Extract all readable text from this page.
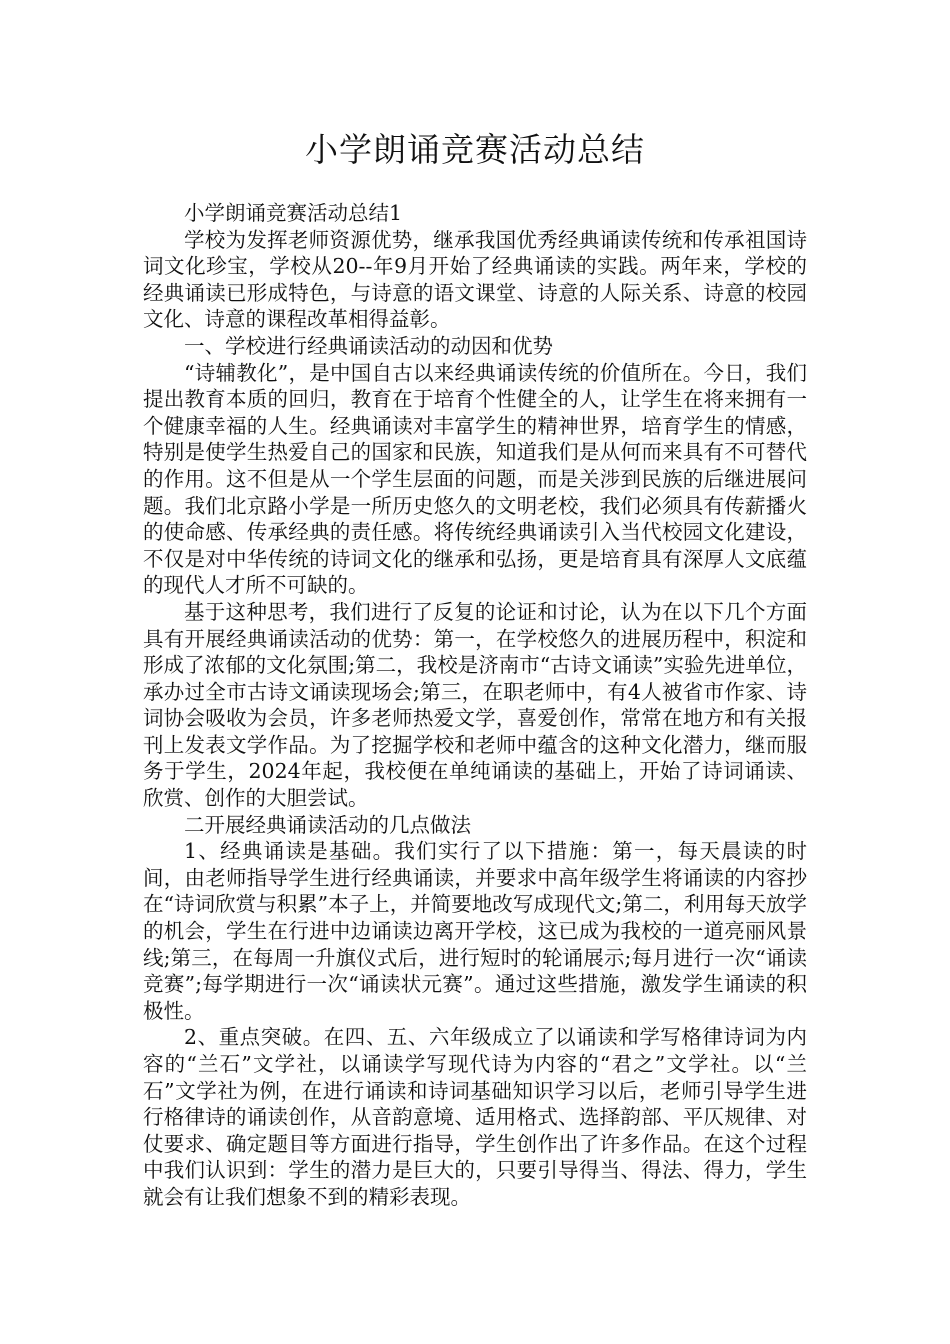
小学朗诵竞赛活动总结

小学朗诵竞赛活动总结1

学校为发挥老师资源优势，继承我国优秀经典诵读传统和传承祖国诗词文化珍宝，学校从20--年9月开始了经典诵读的实践。两年来，学校的经典诵读已形成特色，与诗意的语文课堂、诗意的人际关系、诗意的校园文化、诗意的课程改革相得益彰。

一、学校进行经典诵读活动的动因和优势

“诗辅教化”，是中国自古以来经典诵读传统的价值所在。今日，我们提出教育本质的回归，教育在于培育个性健全的人，让学生在将来拥有一个健康幸福的人生。经典诵读对丰富学生的精神世界，培育学生的情感，特别是使学生热爱自己的国家和民族，知道我们是从何而来具有不可替代的作用。这不但是从一个学生层面的问题，而是关涉到民族的后继进展问题。我们北京路小学是一所历史悠久的文明老校，我们必须具有传薪播火的使命感、传承经典的责任感。将传统经典诵读引入当代校园文化建设，不仅是对中华传统的诗词文化的继承和弘扬，更是培育具有深厚人文底蕴的现代人才所不可缺的。

基于这种思考，我们进行了反复的论证和讨论，认为在以下几个方面具有开展经典诵读活动的优势：第一，在学校悠久的进展历程中，积淀和形成了浓郁的文化氛围;第二，我校是济南市“古诗文诵读”实验先进单位，承办过全市古诗文诵读现场会;第三，在职老师中，有4人被省市作家、诗词协会吸收为会员，许多老师热爱文学，喜爱创作，常常在地方和有关报刊上发表文学作品。为了挖掘学校和老师中蕴含的这种文化潜力，继而服务于学生，2024年起，我校便在单纯诵读的基础上，开始了诗词诵读、欣赏、创作的大胆尝试。

二开展经典诵读活动的几点做法

1、经典诵读是基础。我们实行了以下措施：第一，每天晨读的时间，由老师指导学生进行经典诵读，并要求中高年级学生将诵读的内容抄在“诗词欣赏与积累”本子上，并简要地改写成现代文;第二，利用每天放学的机会，学生在行进中边诵读边离开学校，这已成为我校的一道亮丽风景线;第三，在每周一升旗仪式后，进行短时的轮诵展示;每月进行一次“诵读竞赛”;每学期进行一次“诵读状元赛”。通过这些措施，激发学生诵读的积极性。

2、重点突破。在四、五、六年级成立了以诵读和学写格律诗词为内容的“兰石”文学社，以诵读学写现代诗为内容的“君之”文学社。以“兰石”文学社为例，在进行诵读和诗词基础知识学习以后，老师引导学生进行格律诗的诵读创作，从音韵意境、适用格式、选择韵部、平仄规律、对仗要求、确定题目等方面进行指导，学生创作出了许多作品。在这个过程中我们认识到：学生的潜力是巨大的，只要引导得当、得法、得力，学生就会有让我们想象不到的精彩表现。
